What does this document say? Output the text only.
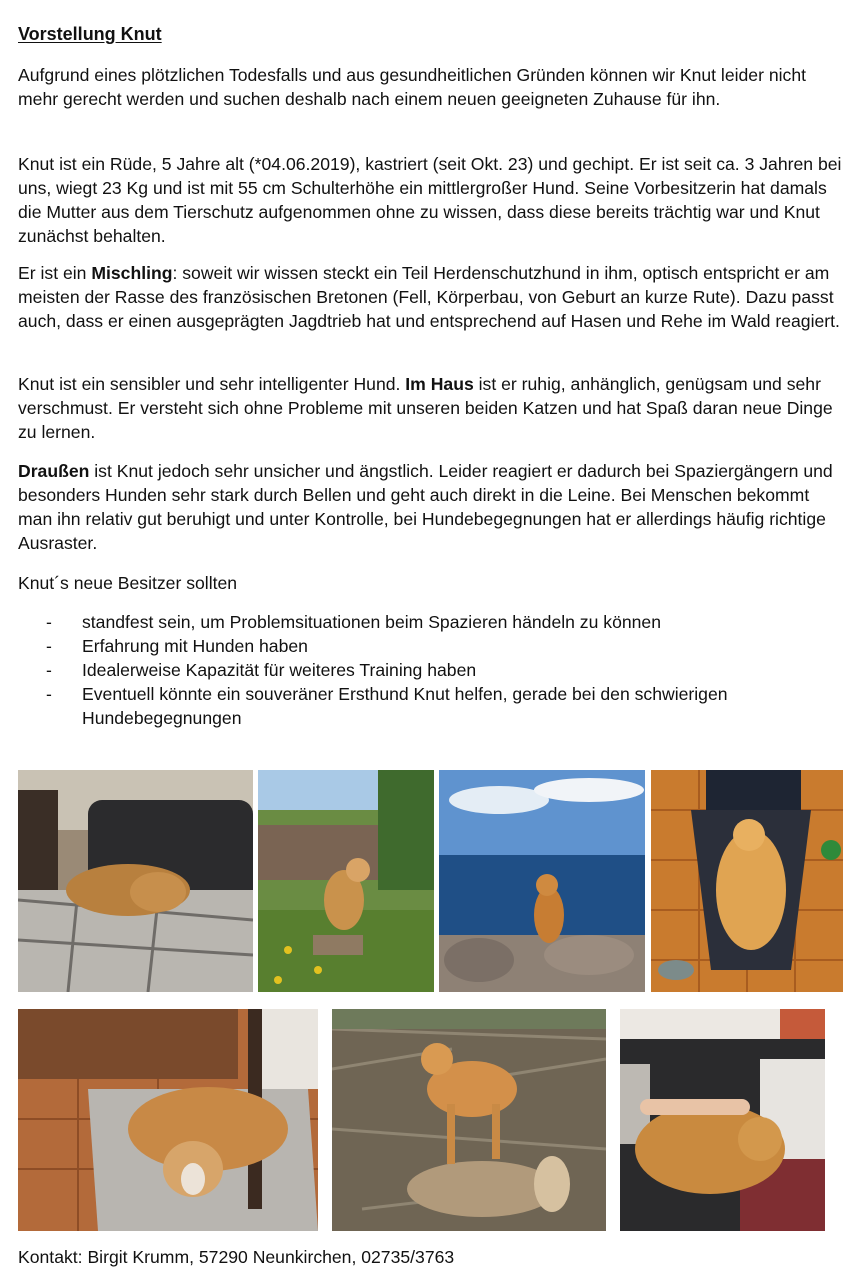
Vorstellung Knut

Aufgrund eines plötzlichen Todesfalls und aus gesundheitlichen Gründen können wir Knut leider nicht mehr gerecht werden und suchen deshalb nach einem neuen geeigneten Zuhause für ihn.

Knut ist ein Rüde, 5 Jahre alt (*04.06.2019), kastriert (seit Okt. 23) und gechipt. Er ist seit ca. 3 Jahren bei uns, wiegt 23 Kg und ist mit 55 cm Schulterhöhe ein mittlergroßer Hund. Seine Vorbesitzerin hat damals die Mutter aus dem Tierschutz aufgenommen ohne zu wissen, dass diese bereits trächtig war und Knut zunächst behalten.

Er ist ein Mischling: soweit wir wissen steckt ein Teil Herdenschutzhund in ihm, optisch entspricht er am meisten der Rasse des französischen Bretonen (Fell, Körperbau, von Geburt an kurze Rute). Dazu passt auch, dass er einen ausgeprägten Jagdtrieb hat und entsprechend auf Hasen und Rehe im Wald reagiert.

Knut ist ein sensibler und sehr intelligenter Hund. Im Haus ist er ruhig, anhänglich, genügsam und sehr verschmust. Er versteht sich ohne Probleme mit unseren beiden Katzen und hat Spaß daran neue Dinge zu lernen.

Draußen ist Knut jedoch sehr unsicher und ängstlich. Leider reagiert er dadurch bei Spaziergängern und besonders Hunden sehr stark durch Bellen und geht auch direkt in die Leine. Bei Menschen bekommt man ihn relativ gut beruhigt und unter Kontrolle, bei Hundebegegnungen hat er allerdings häufig richtige Ausraster.

Knut´s neue Besitzer sollten

- standfest sein, um Problemsituationen beim Spazieren händeln zu können
- Erfahrung mit Hunden haben
- Idealerweise Kapazität für weiteres Training haben
- Eventuell könnte ein souveräner Ersthund Knut helfen, gerade bei den schwierigen Hundebegegnungen
Kontakt: Birgit Krumm, 57290 Neunkirchen, 02735/3763
